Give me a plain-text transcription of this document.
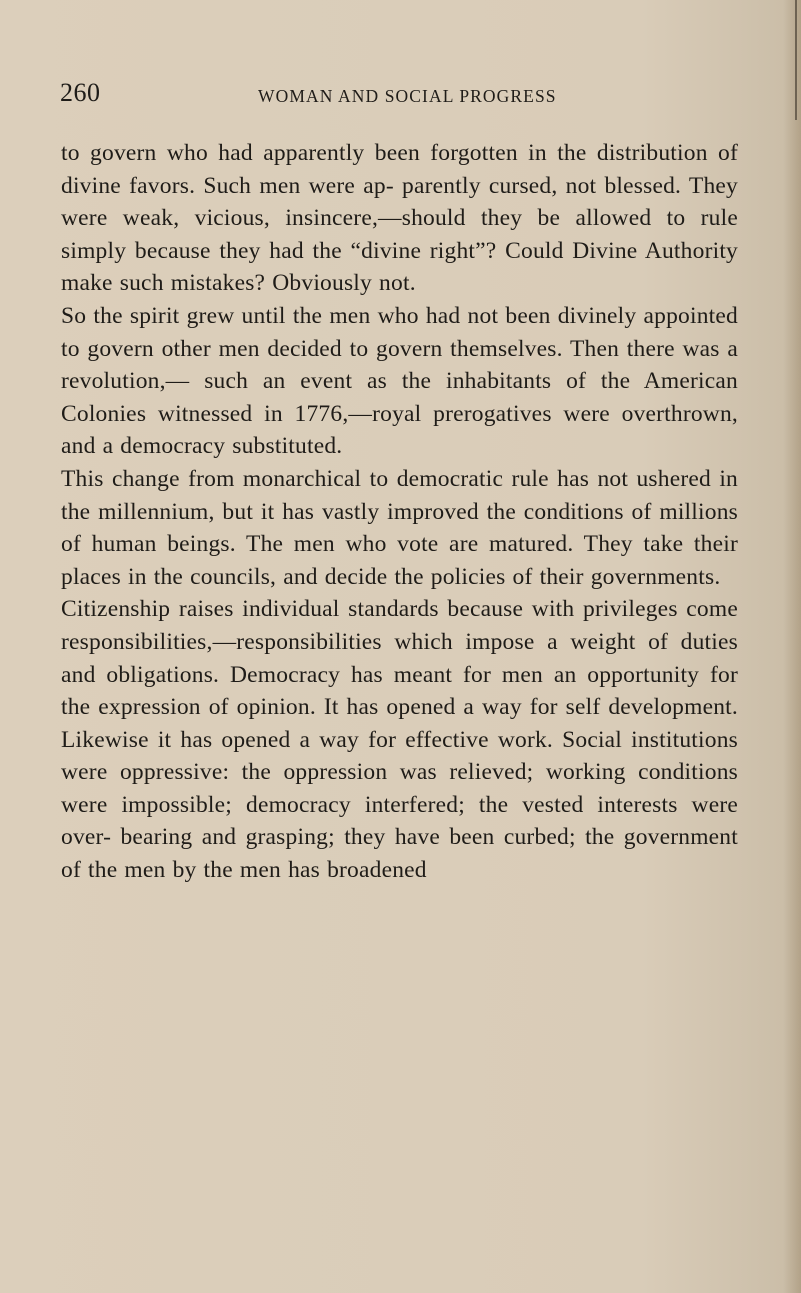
260	WOMAN AND SOCIAL PROGRESS

to govern who had apparently been forgotten in the distribution of divine favors. Such men were ap- parently cursed, not blessed. They were weak, vicious, insincere,—should they be allowed to rule simply because they had the “divine right”? Could Divine Authority make such mistakes? Obviously not.

So the spirit grew until the men who had not been divinely appointed to govern other men decided to govern themselves. Then there was a revolution,— such an event as the inhabitants of the American Colonies witnessed in 1776,—royal prerogatives were overthrown, and a democracy substituted.

This change from monarchical to democratic rule has not ushered in the millennium, but it has vastly improved the conditions of millions of human beings. The men who vote are matured. They take their places in the councils, and decide the policies of their governments.

Citizenship raises individual standards because with privileges come responsibilities,—responsibilities which impose a weight of duties and obligations. Democracy has meant for men an opportunity for the expression of opinion. It has opened a way for self development. Likewise it has opened a way for effective work. Social institutions were oppressive: the oppression was relieved; working conditions were impossible; democracy interfered; the vested interests were over- bearing and grasping; they have been curbed; the government of the men by the men has broadened
